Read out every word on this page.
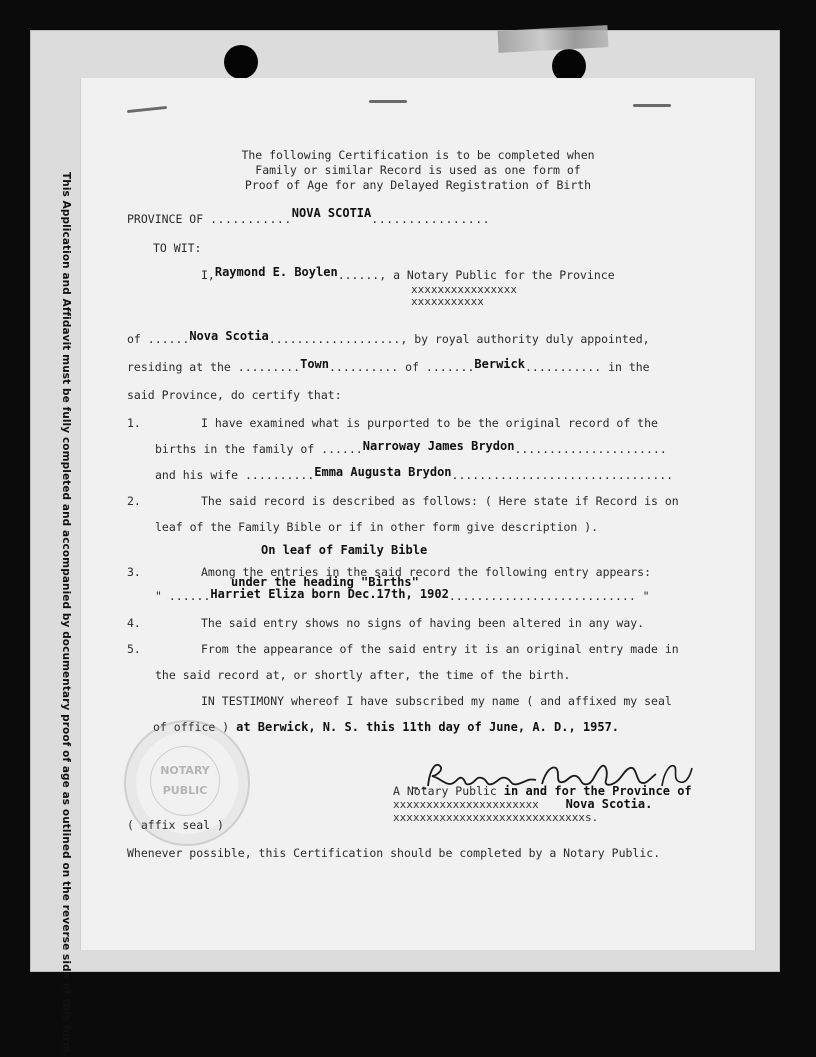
This Application and Affidavit must be fully completed and accompanied by documentary proof of age as outlined on the reverse side of this form.
The following Certification is to be completed when
Family or similar Record is used as one form of
Proof of Age for any Delayed Registration of Birth
PROVINCE OF ...........NOVA SCOTIA................
TO WIT:
I,Raymond E. Boylen......, a Notary Public for the Province
xxxxxxxxxxxxxxxx
xxxxxxxxxxx
of ......Nova Scotia..................., by royal authority duly appointed,
residing at the .........Town.......... of .......Berwick........... in the
said Province, do certify that:
1.	I have examined what is purported to be the original record of the
births in the family of ......Narroway James Brydon......................
and his wife ..........Emma Augusta Brydon................................
2.	The said record is described as follows: ( Here state if Record is on
leaf of the Family Bible or if in other form give description ).
On leaf of Family Bible
3.	Among the entries in the said record the following entry appears:
under the heading "Births"
" ......Harriet Eliza born Dec.17th, 1902........................... "
4.	The said entry shows no signs of having been altered in any way.
5.	From the appearance of the said entry it is an original entry made in
the said record at, or shortly after, the time of the birth.
IN TESTIMONY whereof I have subscribed my name ( and affixed my seal
of office ) at Berwick, N. S. this 11th day of June, A. D., 1957.
A Notary Public in and for the Province of
xxxxxxxxxxxxxxxxxxxxxx Nova Scotia.
xxxxxxxxxxxxxxxxxxxxxxxxxxxxxs.
( affix seal )
Whenever possible, this Certification should be completed by a Notary Public.
NOTARY
PUBLIC
